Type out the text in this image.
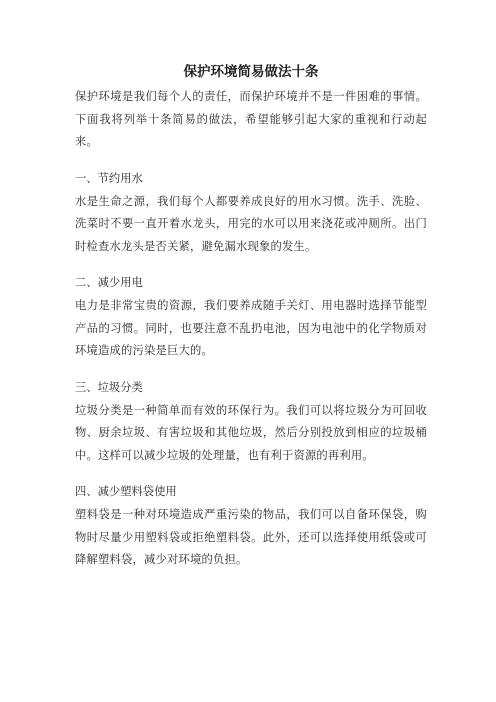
保护环境简易做法十条

保护环境是我们每个人的责任，而保护环境并不是一件困难的事情。下面我将列举十条简易的做法，希望能够引起大家的重视和行动起来。

一、节约用水

水是生命之源，我们每个人都要养成良好的用水习惯。洗手、洗脸、洗菜时不要一直开着水龙头，用完的水可以用来浇花或冲厕所。出门时检查水龙头是否关紧，避免漏水现象的发生。

二、减少用电

电力是非常宝贵的资源，我们要养成随手关灯、用电器时选择节能型产品的习惯。同时，也要注意不乱扔电池，因为电池中的化学物质对环境造成的污染是巨大的。

三、垃圾分类

垃圾分类是一种简单而有效的环保行为。我们可以将垃圾分为可回收物、厨余垃圾、有害垃圾和其他垃圾，然后分别投放到相应的垃圾桶中。这样可以减少垃圾的处理量，也有利于资源的再利用。

四、减少塑料袋使用

塑料袋是一种对环境造成严重污染的物品，我们可以自备环保袋，购物时尽量少用塑料袋或拒绝塑料袋。此外，还可以选择使用纸袋或可降解塑料袋，减少对环境的负担。
